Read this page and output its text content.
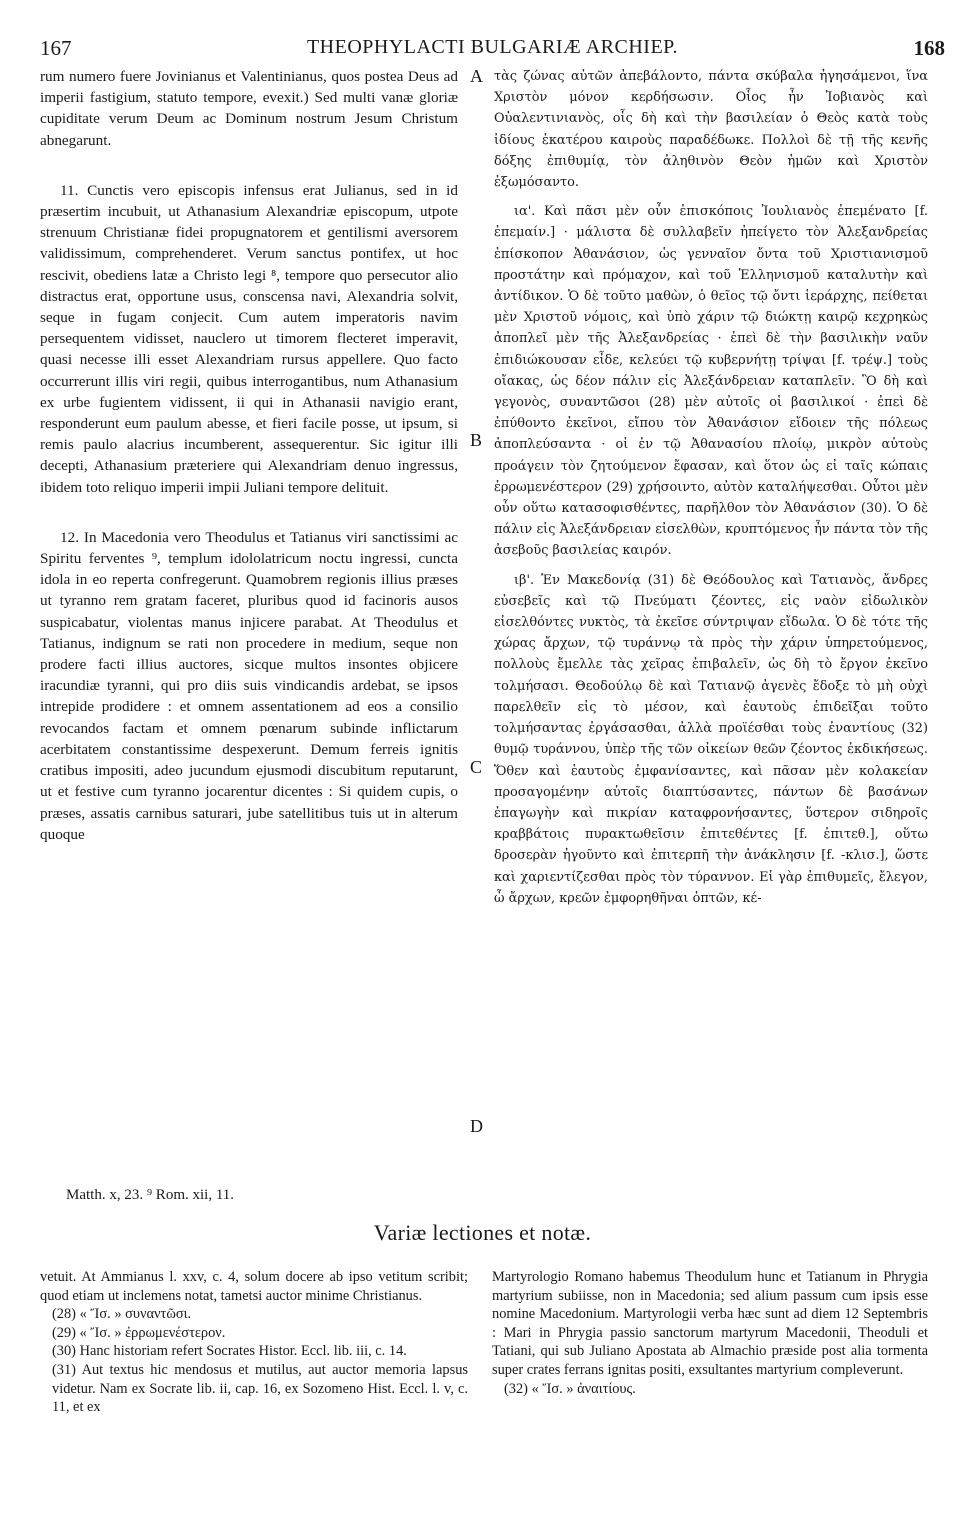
167	THEOPHYLACTI BULGARIÆ ARCHIEP.	168

rum numero fuere Jovinianus et Valentinianus, quos postea Deus ad imperii fastigium, statuto tempore, evexit.) Sed multi vanæ gloriæ cupiditate verum Deum ac Dominum nostrum Jesum Christum abnegarunt.

11. Cunctis vero episcopis infensus erat Julianus, sed in id præsertim incubuit, ut Athanasium Alexandriæ episcopum, utpote strenuum Christianæ fidei propugnatorem et gentilismi aversorem validissimum, comprehenderet. Verum sanctus pontifex, ut hoc rescivit, obediens latæ a Christo legi ⁸, tempore quo persecutor alio distractus erat, opportune usus, conscensa navi, Alexandria solvit, seque in fugam conjecit. Cum autem imperatoris navim persequentem vidisset, nauclero ut timorem flecteret imperavit, quasi necesse illi esset Alexandriam rursus appellere. Quo facto occurrerunt illis viri regii, quibus interrogantibus, num Athanasium ex urbe fugientem vidissent, ii qui in Athanasii navigio erant, responderunt eum paulum abesse, et fieri facile posse, ut ipsum, si remis paulo alacrius incumberent, assequerentur. Sic igitur illi decepti, Athanasium præteriere qui Alexandriam denuo ingressus, ibidem toto reliquo imperii impii Juliani tempore delituit.

12. In Macedonia vero Theodulus et Tatianus viri sanctissimi ac Spiritu ferventes ⁹, templum idololatricum noctu ingressi, cuncta idola in eo reperta confregerunt. Quamobrem regionis illius præses ut tyranno rem gratam faceret, pluribus quod id facinoris ausos suspicabatur, violentas manus injicere parabat. At Theodulus et Tatianus, indignum se rati non procedere in medium, seque non prodere facti illius auctores, sicque multos insontes objicere iracundiæ tyranni, qui pro diis suis vindicandis ardebat, se ipsos intrepide prodidere : et omnem assentationem ad eos a consilio revocandos factam et omnem pœnarum subinde inflictarum acerbitatem constantissime despexerunt. Demum ferreis ignitis cratibus impositi, adeo jucundum ejusmodi discubitum reputarunt, ut et festive cum tyranno jocarentur dicentes : Si quidem cupis, o præses, assatis carnibus saturari, jube satellitibus tuis ut in alterum quoque

τὰς ζώνας αὐτῶν ἀπεβάλοντο, πάντα σκύβαλα ἡγησάμενοι, ἵνα Χριστὸν μόνον κερδήσωσιν. Οἷος ἦν Ἰοβιανὸς καὶ Οὐαλεντινιανὸς, οἷς δὴ καὶ τὴν βασιλείαν ὁ Θεὸς κατὰ τοὺς ἰδίους ἑκατέρου καιροὺς παραδέδωκε. Πολλοὶ δὲ τῇ τῆς κενῆς δόξης ἐπιθυμίᾳ, τὸν ἀληθινὸν Θεὸν ἡμῶν καὶ Χριστὸν ἐξωμόσαντο.

ια'. Καὶ πᾶσι μὲν οὖν ἐπισκόποις Ἰουλιανὸς ἐπεμένατο [f. ἐπεμαίν.] · μάλιστα δὲ συλλαβεῖν ἠπείγετο τὸν Ἀλεξανδρείας ἐπίσκοπον Ἀθανάσιον, ὡς γενναῖον ὄντα τοῦ Χριστιανισμοῦ προστάτην καὶ πρόμαχον, καὶ τοῦ Ἑλληνισμοῦ καταλυτὴν καὶ ἀντίδικον. Ὁ δὲ τοῦτο μαθὼν, ὁ θεῖος τῷ ὄντι ἱεράρχης, πείθεται μὲν Χριστοῦ νόμοις, καὶ ὑπὸ χάριν τῷ διώκτῃ καιρῷ κεχρηκὼς ἀποπλεῖ μὲν τῆς Ἀλεξανδρείας · ἐπεὶ δὲ τὴν βασιλικὴν ναῦν ἐπιδιώκουσαν εἶδε, κελεύει τῷ κυβερνήτῃ τρίψαι [f. τρέψ.] τοὺς οἴακας, ὡς δέον πάλιν εἰς Ἀλεξάνδρειαν καταπλεῖν. Ὃ δὴ καὶ γεγονὸς, συναντῶσοι (28) μὲν αὐτοῖς οἱ βασιλικοί · ἐπεὶ δὲ ἐπύθοντο ἐκεῖνοι, εἴπου τὸν Ἀθανάσιον εἴδοιεν τῆς πόλεως ἀποπλεύσαντα · οἱ ἐν τῷ Ἀθανασίου πλοίῳ, μικρὸν αὐτοὺς προάγειν τὸν ζητούμενον ἔφασαν, καὶ ὅτον ὡς εἰ ταῖς κώπαις ἐρρωμενέστερον (29) χρήσοιντο, αὐτὸν καταλήψεσθαι. Οὗτοι μὲν οὖν οὕτω κατασοφισθέντες, παρῆλθον τὸν Ἀθανάσιον (30). Ὁ δὲ πάλιν εἰς Ἀλεξάνδρειαν εἰσελθὼν, κρυπτόμενος ἦν πάντα τὸν τῆς ἀσεβοῦς βασιλείας καιρόν.

ιβ'. Ἐν Μακεδονίᾳ (31) δὲ Θεόδουλος καὶ Τατιανὸς, ἄνδρες εὐσεβεῖς καὶ τῷ Πνεύματι ζέοντες, εἰς ναὸν εἰδωλικὸν εἰσελθόντες νυκτὸς, τὰ ἐκεῖσε σύντριψαν εἴδωλα. Ὁ δὲ τότε τῆς χώρας ἄρχων, τῷ τυράννῳ τὰ πρὸς τὴν χάριν ὑπηρετούμενος, πολλοὺς ἔμελλε τὰς χεῖρας ἐπιβαλεῖν, ὡς δὴ τὸ ἔργον ἐκεῖνο τολμήσασι. Θεοδούλῳ δὲ καὶ Τατιανῷ ἀγενὲς ἔδοξε τὸ μὴ οὐχὶ παρελθεῖν εἰς τὸ μέσον, καὶ ἑαυτοὺς ἐπιδεῖξαι τοῦτο τολμήσαντας ἐργάσασθαι, ἀλλὰ προϊέσθαι τοὺς ἐναντίους (32) θυμῷ τυράννου, ὑπὲρ τῆς τῶν οἰκείων θεῶν ζέοντος ἐκδικήσεως. Ὅθεν καὶ ἑαυτοὺς ἐμφανίσαντες, καὶ πᾶσαν μὲν κολακείαν προσαγομένην αὐτοῖς διαπτύσαντες, πάντων δὲ βασάνων ἐπαγωγὴν καὶ πικρίαν καταφρονήσαντες, ὕστερον σιδηροῖς κραββάτοις πυρακτωθεῖσιν ἐπιτεθέντες [f. ἐπιτεθ.], οὕτω δροσερὰν ἡγοῦντο καὶ ἐπιτερπῆ τὴν ἀνάκλησιν [f. -κλισ.], ὥστε καὶ χαριεντίζεσθαι πρὸς τὸν τύραννον. Εἰ γὰρ ἐπιθυμεῖς, ἔλεγον, ὦ ἄρχων, κρεῶν ἐμφορηθῆναι ὀπτῶν, κέ-

A
B
C
D
Matth. x, 23. ⁹ Rom. xii, 11.
Variæ lectiones et notæ.

vetuit. At Ammianus l. xxv, c. 4, solum docere ab ipso vetitum scribit; quod etiam ut inclemens notat, tametsi auctor minime Christianus.

(28) « Ἴσ. » συναντῶσι.

(29) « Ἴσ. » ἐρρωμενέστερον.

(30) Hanc historiam refert Socrates Histor. Eccl. lib. iii, c. 14.

(31) Aut textus hic mendosus et mutilus, aut auctor memoria lapsus videtur. Nam ex Socrate lib. ii, cap. 16, ex Sozomeno Hist. Eccl. l. v, c. 11, et ex

Martyrologio Romano habemus Theodulum hunc et Tatianum in Phrygia martyrium subiisse, non in Macedonia; sed alium passum cum ipsis esse nomine Macedonium. Martyrologii verba hæc sunt ad diem 12 Septembris : Mari in Phrygia passio sanctorum martyrum Macedonii, Theoduli et Tatiani, qui sub Juliano Apostata ab Almachio præside post alia tormenta super crates ferrans ignitas positi, exsultantes martyrium compleverunt.

(32) « Ἴσ. » ἀναιτίους.
